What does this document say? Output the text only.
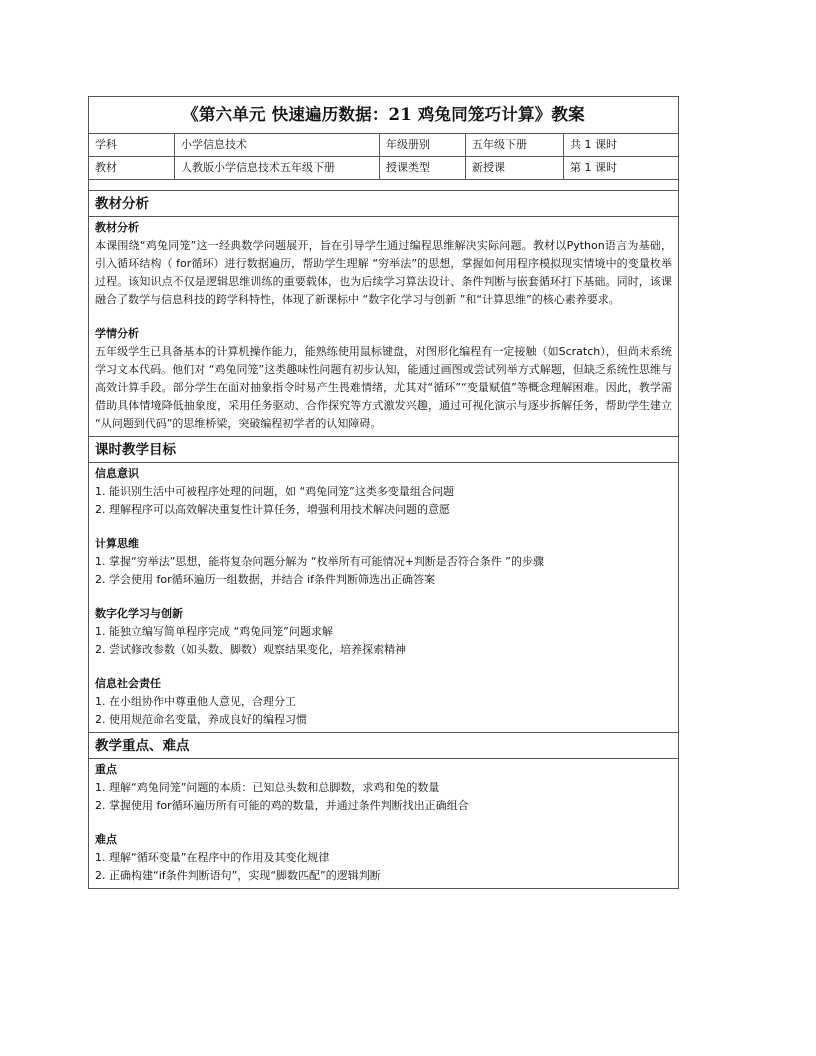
《第六单元 快速遍历数据：21 鸡兔同笼巧计算》教案
学科	小学信息技术	年级册别	五年级下册	共 1 课时
教材	人教版小学信息技术五年级下册	授课类型	新授课	第 1 课时
教材分析
教材分析
本课围绕“鸡兔同笼”这一经典数学问题展开，旨在引导学生通过编程思维解决实际问题。教材以Python语言为基础，引入循环结构（ for循环）进行数据遍历，帮助学生理解 “穷举法”的思想，掌握如何用程序模拟现实情境中的变量枚举过程。该知识点不仅是逻辑思维训练的重要载体，也为后续学习算法设计、条件判断与嵌套循环打下基础。同时，该课融合了数学与信息科技的跨学科特性，体现了新课标中 “数字化学习与创新 ”和“计算思维”的核心素养要求。
学情分析
五年级学生已具备基本的计算机操作能力，能熟练使用鼠标键盘，对图形化编程有一定接触（如Scratch），但尚未系统学习文本代码。他们对 “鸡兔同笼”这类趣味性问题有初步认知，能通过画图或尝试列举方式解题，但缺乏系统性思维与高效计算手段。部分学生在面对抽象指令时易产生畏难情绪，尤其对“循环”“变量赋值”等概念理解困难。因此，教学需借助具体情境降低抽象度，采用任务驱动、合作探究等方式激发兴趣，通过可视化演示与逐步拆解任务，帮助学生建立 “从问题到代码”的思维桥梁，突破编程初学者的认知障碍。
课时教学目标
信息意识
1. 能识别生活中可被程序处理的问题，如 “鸡兔同笼”这类多变量组合问题
2. 理解程序可以高效解决重复性计算任务，增强利用技术解决问题的意愿
计算思维
1. 掌握“穷举法”思想，能将复杂问题分解为 “枚举所有可能情况+判断是否符合条件 ”的步骤
2. 学会使用 for循环遍历一组数据，并结合 if条件判断筛选出正确答案
数字化学习与创新
1. 能独立编写简单程序完成 “鸡兔同笼”问题求解
2. 尝试修改参数（如头数、脚数）观察结果变化，培养探索精神
信息社会责任
1. 在小组协作中尊重他人意见，合理分工
2. 使用规范命名变量，养成良好的编程习惯
教学重点、难点
重点
1. 理解“鸡兔同笼”问题的本质：已知总头数和总脚数，求鸡和兔的数量
2. 掌握使用 for循环遍历所有可能的鸡的数量，并通过条件判断找出正确组合
难点
1. 理解“循环变量”在程序中的作用及其变化规律
2. 正确构建“if条件判断语句”，实现“脚数匹配”的逻辑判断
